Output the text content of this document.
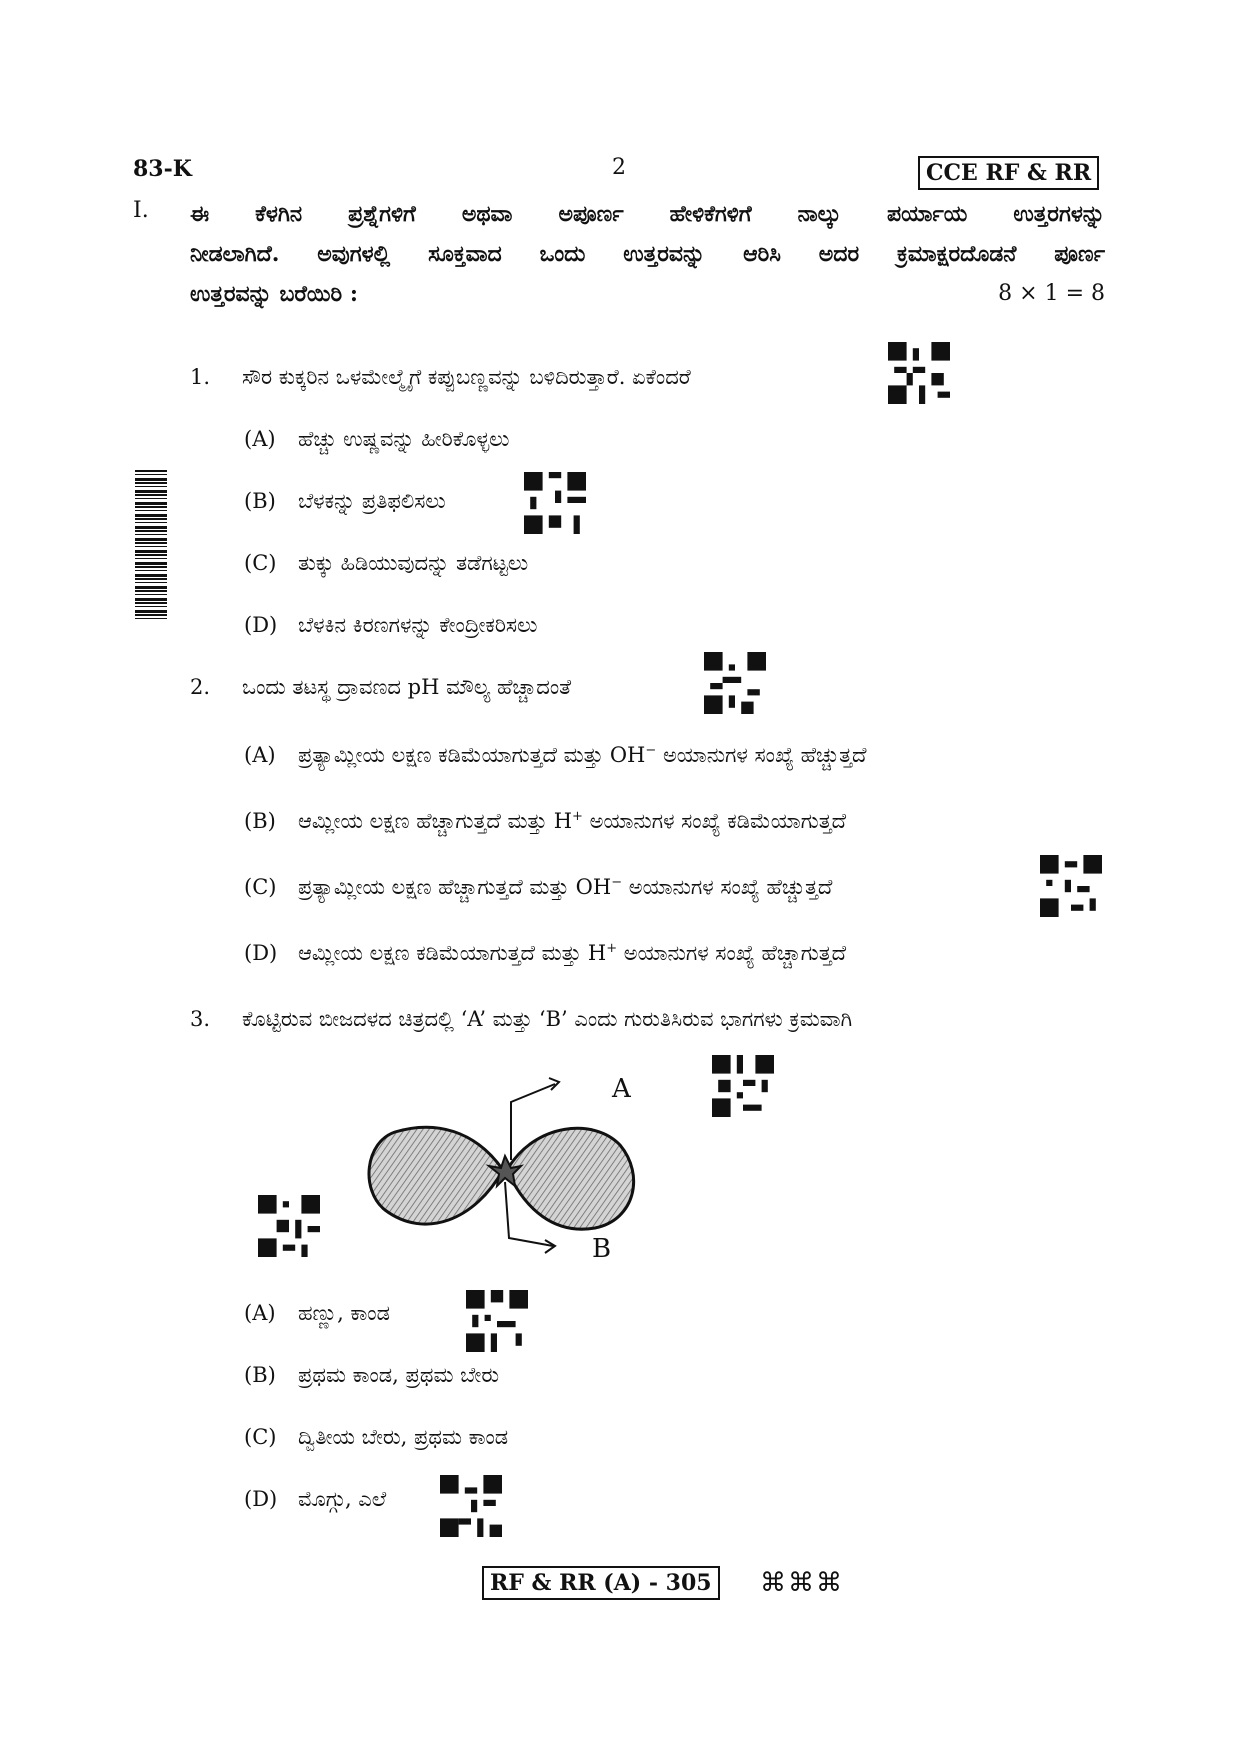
83-K	2	CCE RF & RR
I. ಈ ಕೆಳಗಿನ ಪ್ರಶ್ನೆಗಳಿಗೆ ಅಥವಾ ಅಪೂರ್ಣ ಹೇಳಿಕೆಗಳಿಗೆ ನಾಲ್ಕು ಪರ್ಯಾಯ ಉತ್ತರಗಳನ್ನು
ನೀಡಲಾಗಿದೆ. ಅವುಗಳಲ್ಲಿ ಸೂಕ್ತವಾದ ಒಂದು ಉತ್ತರವನ್ನು ಆರಿಸಿ ಅದರ ಕ್ರಮಾಕ್ಷರದೊಡನೆ ಪೂರ್ಣ
ಉತ್ತರವನ್ನು ಬರೆಯಿರಿ :	8 × 1 = 8
1. ಸೌರ ಕುಕ್ಕರಿನ ಒಳಮೇಲ್ಮೈಗೆ ಕಪ್ಪುಬಣ್ಣವನ್ನು ಬಳಿದಿರುತ್ತಾರೆ. ಏಕೆಂದರೆ
(A) ಹೆಚ್ಚು ಉಷ್ಣವನ್ನು ಹೀರಿಕೊಳ್ಳಲು
(B) ಬೆಳಕನ್ನು ಪ್ರತಿಫಲಿಸಲು
(C) ತುಕ್ಕು ಹಿಡಿಯುವುದನ್ನು ತಡೆಗಟ್ಟಲು
(D) ಬೆಳಕಿನ ಕಿರಣಗಳನ್ನು ಕೇಂದ್ರೀಕರಿಸಲು
2. ಒಂದು ತಟಸ್ಥ ದ್ರಾವಣದ pH ಮೌಲ್ಯ ಹೆಚ್ಚಾದಂತೆ
(A) ಪ್ರತ್ಯಾಮ್ಲೀಯ ಲಕ್ಷಣ ಕಡಿಮೆಯಾಗುತ್ತದೆ ಮತ್ತು OH− ಅಯಾನುಗಳ ಸಂಖ್ಯೆ ಹೆಚ್ಚುತ್ತದೆ
(B) ಆಮ್ಲೀಯ ಲಕ್ಷಣ ಹೆಚ್ಚಾಗುತ್ತದೆ ಮತ್ತು H+ ಅಯಾನುಗಳ ಸಂಖ್ಯೆ ಕಡಿಮೆಯಾಗುತ್ತದೆ
(C) ಪ್ರತ್ಯಾಮ್ಲೀಯ ಲಕ್ಷಣ ಹೆಚ್ಚಾಗುತ್ತದೆ ಮತ್ತು OH− ಅಯಾನುಗಳ ಸಂಖ್ಯೆ ಹೆಚ್ಚುತ್ತದೆ
(D) ಆಮ್ಲೀಯ ಲಕ್ಷಣ ಕಡಿಮೆಯಾಗುತ್ತದೆ ಮತ್ತು H+ ಅಯಾನುಗಳ ಸಂಖ್ಯೆ ಹೆಚ್ಚಾಗುತ್ತದೆ
3. ಕೊಟ್ಟಿರುವ ಬೀಜದಳದ ಚಿತ್ರದಲ್ಲಿ ‘A’ ಮತ್ತು ‘B’ ಎಂದು ಗುರುತಿಸಿರುವ ಭಾಗಗಳು ಕ್ರಮವಾಗಿ
A
B
(A) ಹಣ್ಣು, ಕಾಂಡ
(B) ಪ್ರಥಮ ಕಾಂಡ, ಪ್ರಥಮ ಬೇರು
(C) ದ್ವಿತೀಯ ಬೇರು, ಪ್ರಥಮ ಕಾಂಡ
(D) ಮೊಗ್ಗು, ಎಲೆ
RF & RR (A) - 305	⌘⌘⌘
